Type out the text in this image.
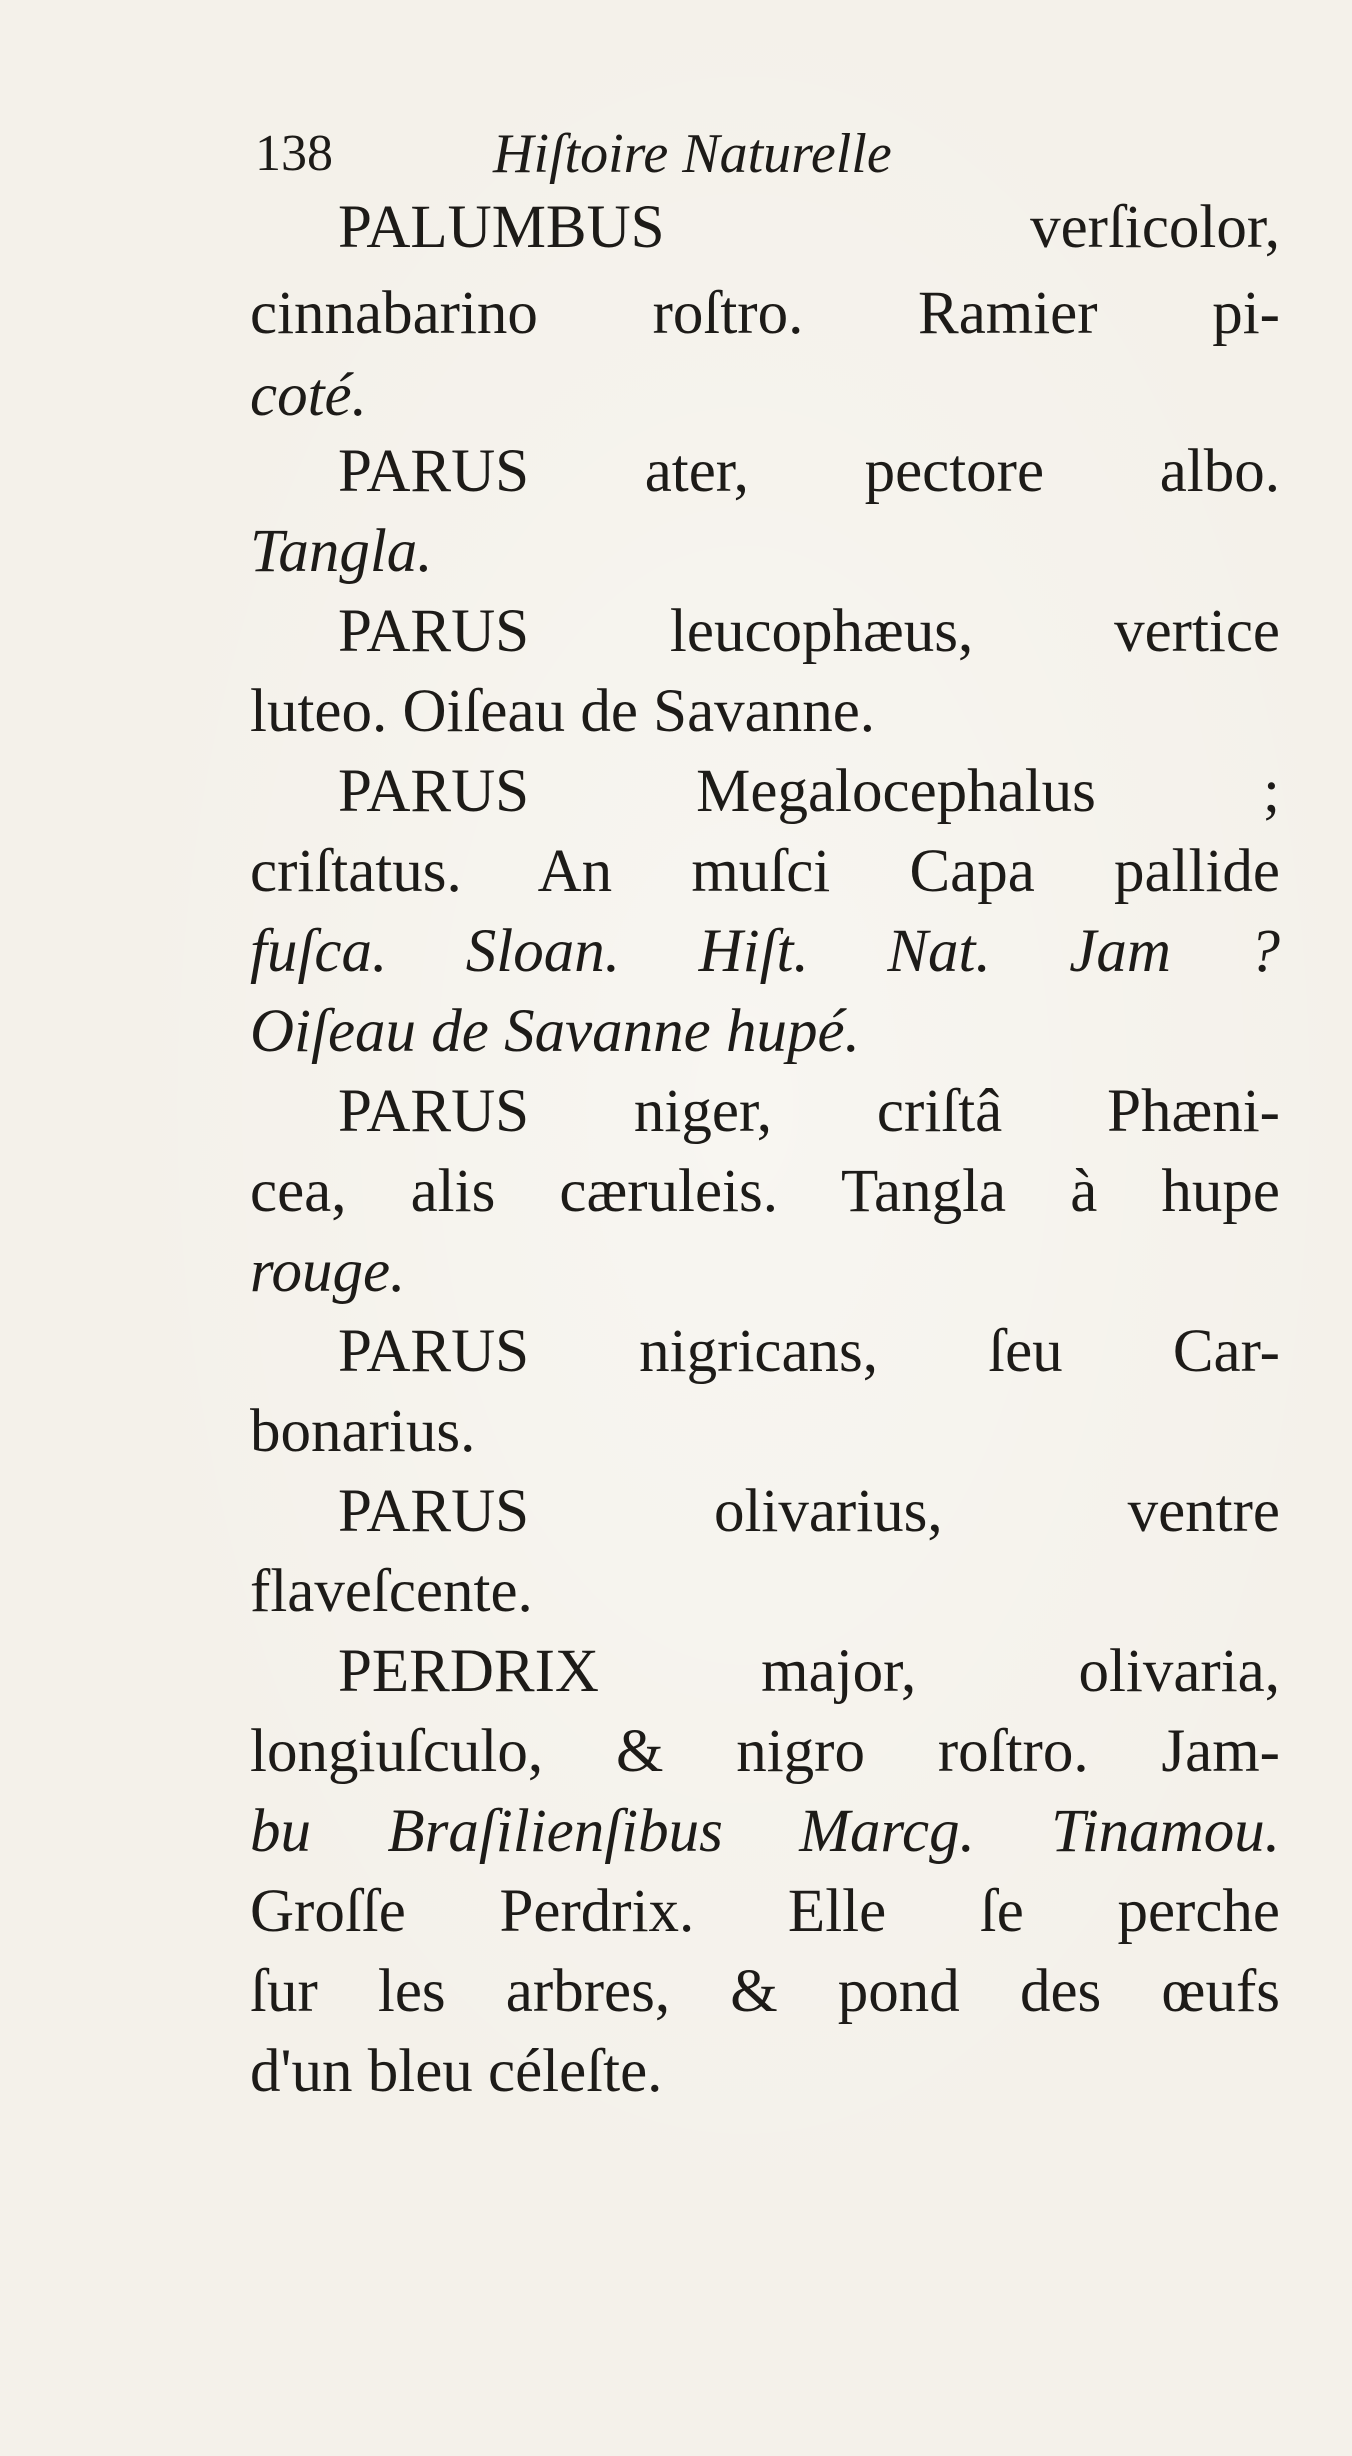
138	Hiſtoire Naturelle
PALUMBUS verſicolor,
cinnabarino roſtro. Ramier pi-
coté.
PARUS ater, pectore albo.
Tangla.
PARUS leucophæus, vertice
luteo. Oiſeau de Savanne.
PARUS Megalocephalus ;
criſtatus. An muſci Capa pallide
fuſca. Sloan. Hiſt. Nat. Jam ?
Oiſeau de Savanne hupé.
PARUS niger, criſtâ Phæni-
cea, alis cæruleis. Tangla à hupe
rouge.
PARUS nigricans, ſeu Car-
bonarius.
PARUS olivarius, ventre
flaveſcente.
PERDRIX major, olivaria,
longiuſculo, & nigro roſtro. Jam-
bu Braſilienſibus Marcg. Tinamou.
Groſſe Perdrix. Elle ſe perche
ſur les arbres, & pond des œufs
d'un bleu céleſte.
